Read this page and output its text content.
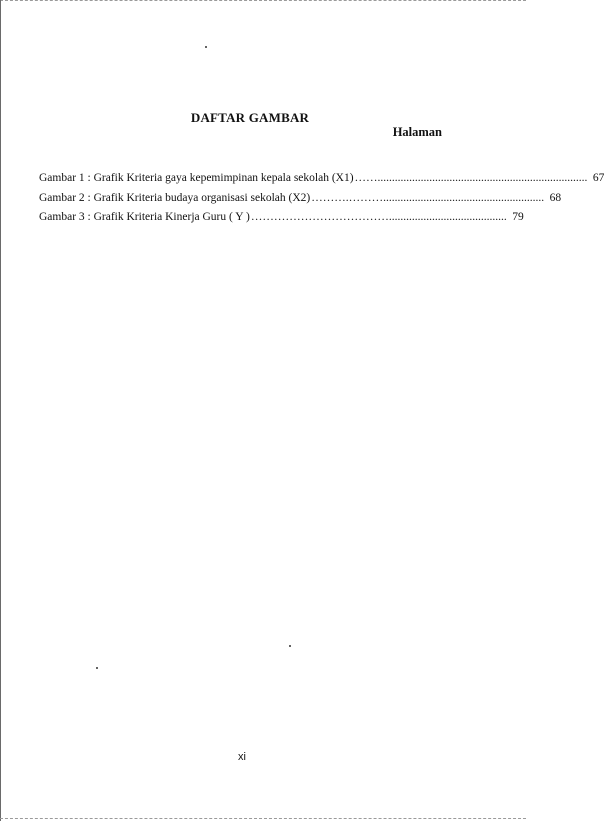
DAFTAR GAMBAR
Halaman
Gambar 1 :
Grafik Kriteria gaya kepemimpinan kepala sekolah (X1) ……......................................................................... 67
Gambar 2 :
Grafik Kriteria budaya organisasi sekolah (X2) ……….………........................................................ 68
Gambar 3 :
Grafik Kriteria Kinerja Guru ( Y ) ………………………………......................................... 79
xi
